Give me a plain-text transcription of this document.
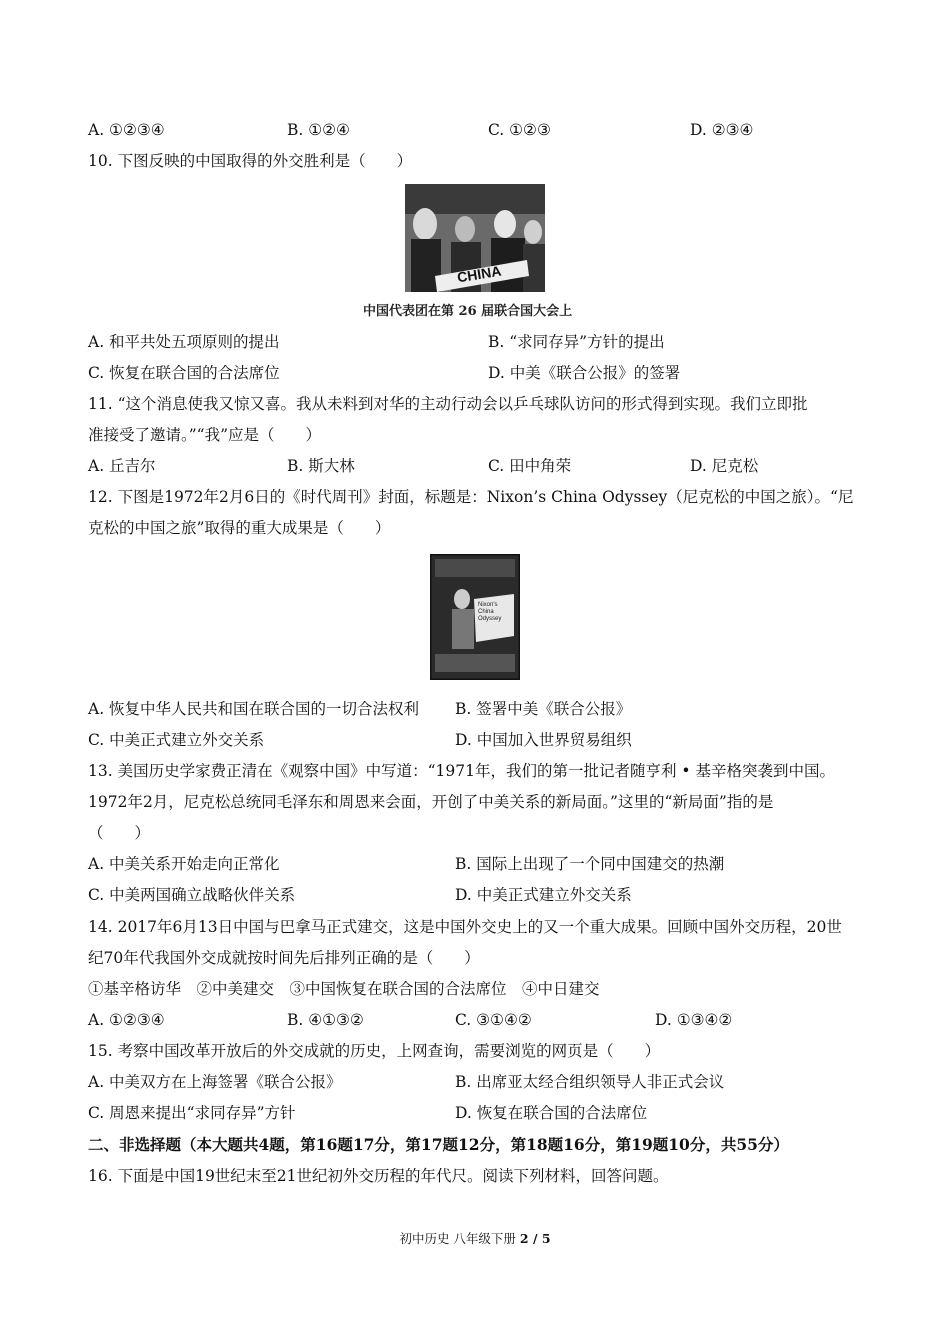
A. ①②③④	B. ①②④	C. ①②③	D. ②③④
10. 下图反映的中国取得的外交胜利是（　　）
CHINA
中国代表团在第 26 届联合国大会上
A. 和平共处五项原则的提出	B. “求同存异”方针的提出
C. 恢复在联合国的合法席位	D. 中美《联合公报》的签署
11. “这个消息使我又惊又喜。我从未料到对华的主动行动会以乒乓球队访问的形式得到实现。我们立即批
准接受了邀请。”“我”应是（　　）
A. 丘吉尔	B. 斯大林	C. 田中角荣	D. 尼克松
12. 下图是1972年2月6日的《时代周刊》封面，标题是：Nixon’s China Odyssey（尼克松的中国之旅）。“尼
克松的中国之旅”取得的重大成果是（　　）
Nixon's China Odyssey
A. 恢复中华人民共和国在联合国的一切合法权利 B. 签署中美《联合公报》
C. 中美正式建立外交关系	D. 中国加入世界贸易组织
13. 美国历史学家费正清在《观察中国》中写道：“1971年，我们的第一批记者随亨利 • 基辛格突袭到中国。
1972年2月，尼克松总统同毛泽东和周恩来会面，开创了中美关系的新局面。”这里的“新局面”指的是
（　　）
A. 中美关系开始走向正常化	B. 国际上出现了一个同中国建交的热潮
C. 中美两国确立战略伙伴关系	D. 中美正式建立外交关系
14. 2017年6月13日中国与巴拿马正式建交，这是中国外交史上的又一个重大成果。回顾中国外交历程，20世
纪70年代我国外交成就按时间先后排列正确的是（　　）
①基辛格访华　②中美建交　③中国恢复在联合国的合法席位　④中日建交
A. ①②③④	B. ④①③②	C. ③①④②	D. ①③④②
15. 考察中国改革开放后的外交成就的历史，上网查询，需要浏览的网页是（　　）
A. 中美双方在上海签署《联合公报》	B. 出席亚太经合组织领导人非正式会议
C. 周恩来提出“求同存异”方针	D. 恢复在联合国的合法席位
二、非选择题（本大题共4题，第16题17分，第17题12分，第18题16分，第19题10分，共55分）
16. 下面是中国19世纪末至21世纪初外交历程的年代尺。阅读下列材料，回答问题。
初中历史 八年级下册 2 / 5
